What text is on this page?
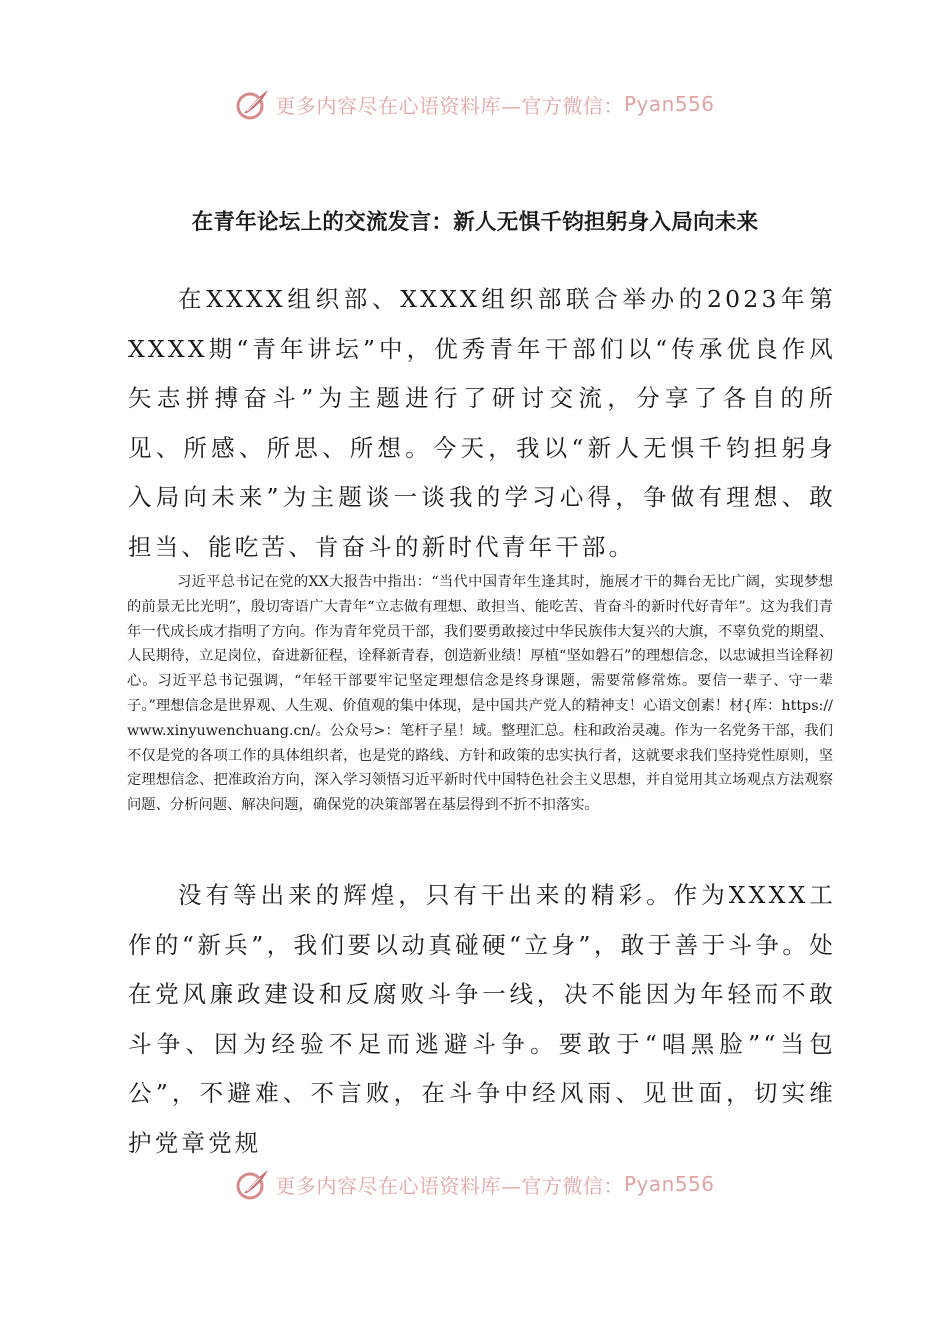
更多内容尽在心语资料库—官方微信： Pyan556
在青年论坛上的交流发言：新人无惧千钧担躬身入局向未来

在XXXX组织部、XXXX组织部联合举办的2023年第XXXX期“青年讲坛”中，优秀青年干部们以“传承优良作风矢志拼搏奋斗”为主题进行了研讨交流，分享了各自的所见、所感、所思、所想。今天，我以“新人无惧千钧担躬身入局向未来”为主题谈一谈我的学习心得，争做有理想、敢担当、能吃苦、肯奋斗的新时代青年干部。

习近平总书记在党的XX大报告中指出：“当代中国青年生逢其时，施展才干的舞台无比广阔，实现梦想的前景无比光明”，殷切寄语广大青年“立志做有理想、敢担当、能吃苦、肯奋斗的新时代好青年”。这为我们青年一代成长成才指明了方向。作为青年党员干部，我们要勇敢接过中华民族伟大复兴的大旗，不辜负党的期望、人民期待，立足岗位，奋进新征程，诠释新青春，创造新业绩！厚植“坚如磐石”的理想信念，以忠诚担当诠释初心。习近平总书记强调，“年轻干部要牢记坚定理想信念是终身课题，需要常修常炼。要信一辈子、守一辈子。”理想信念是世界观、人生观、价值观的集中体现，是中国共产党人的精神支！心语文创素！材{库：https://www.xinyuwenchuang.cn/。公众号>：笔杆子星！域。整理汇总。柱和政治灵魂。作为一名党务干部，我们不仅是党的各项工作的具体组织者，也是党的路线、方针和政策的忠实执行者，这就要求我们坚持党性原则，坚定理想信念、把准政治方向，深入学习领悟习近平新时代中国特色社会主义思想，并自觉用其立场观点方法观察问题、分析问题、解决问题，确保党的决策部署在基层得到不折不扣落实。

没有等出来的辉煌，只有干出来的精彩。作为XXXX工作的“新兵”，我们要以动真碰硬“立身”，敢于善于斗争。处在党风廉政建设和反腐败斗争一线，决不能因为年轻而不敢斗争、因为经验不足而逃避斗争。要敢于“唱黑脸”“当包公”，不避难、不言败，在斗争中经风雨、见世面，切实维护党章党规

更多内容尽在心语资料库—官方微信： Pyan556
